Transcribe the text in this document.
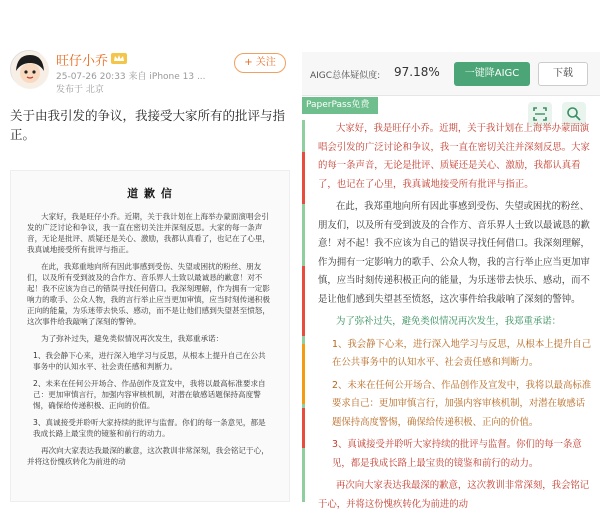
旺仔小乔
25-07-26 20:33 来自 iPhone 13 ...
发布于 北京
+ 关注
关于由我引发的争议，我接受大家所有的批评与指正。
道 歉 信

大家好，我是旺仔小乔。近期，关于我计划在上海举办蒙面演唱会引发的广泛讨论和争议，我一直在密切关注并深刻反思。大家的每一条声音，无论是批评、质疑还是关心、激励，我都认真看了，也记在了心里，我真诚地接受所有批评与指正。

在此，我郑重地向所有因此事感到受伤、失望或困扰的粉丝、朋友们，以及所有受到波及的合作方、音乐界人士致以最诚恳的歉意！对不起！我不应该为自己的错误寻找任何借口。我深刻理解，作为拥有一定影响力的歌手、公众人物，我的言行举止应当更加审慎，应当时刻传递积极正向的能量，为乐迷带去快乐、感动，而不是让他们感到失望甚至愤怒，这次事件给我敲响了深刻的警钟。

为了弥补过失，避免类似情况再次发生，我郑重承诺：

1、我会静下心来，进行深入地学习与反思，从根本上提升自己在公共事务中的认知水平、社会责任感和判断力。

2、未来在任何公开场合、作品创作及宣发中，我将以最高标准要求自己：更加审慎言行，加强内容审核机制，对潜在敏感话题保持高度警惕，确保给传递积极、正向的价值。

3、真诚接受并聆听大家持续的批评与监督。你们的每一条意见，都是我成长路上最宝贵的镜鉴和前行的动力。

再次向大家表达我最深的歉意，这次教训非常深刻，我会铭记于心，并将这份愧疚转化为前进的动

AIGC总体疑似度: 97.18%	一键降AIGC	下载
PaperPass免费版

大家好，我是旺仔小乔。近期，关于我计划在上海举办蒙面演唱会引发的广泛讨论和争议，我一直在密切关注并深刻反思。大家的每一条声音，无论是批评、质疑还是关心、激励，我都认真看了，也记在了心里，我真诚地接受所有批评与指正。

在此，我郑重地向所有因此事感到受伤、失望或困扰的粉丝、朋友们，以及所有受到波及的合作方、音乐界人士致以最诚恳的歉意！对不起！我不应该为自己的错误寻找任何借口。我深刻理解，作为拥有一定影响力的歌手、公众人物，我的言行举止应当更加审慎，应当时刻传递积极正向的能量，为乐迷带去快乐、感动，而不是让他们感到失望甚至愤怒，这次事件给我敲响了深刻的警钟。

为了弥补过失，避免类似情况再次发生，我郑重承诺：

1、我会静下心来，进行深入地学习与反思，从根本上提升自己在公共事务中的认知水平、社会责任感和判断力。

2、未来在任何公开场合、作品创作及宣发中，我将以最高标准要求自己：更加审慎言行，加强内容审核机制，对潜在敏感话题保持高度警惕，确保给传递积极、正向的价值。

3、真诚接受并聆听大家持续的批评与监督。你们的每一条意见，都是我成长路上最宝贵的镜鉴和前行的动力。

再次向大家表达我最深的歉意，这次教训非常深刻，我会铭记于心，并将这份愧疚转化为前进的动
